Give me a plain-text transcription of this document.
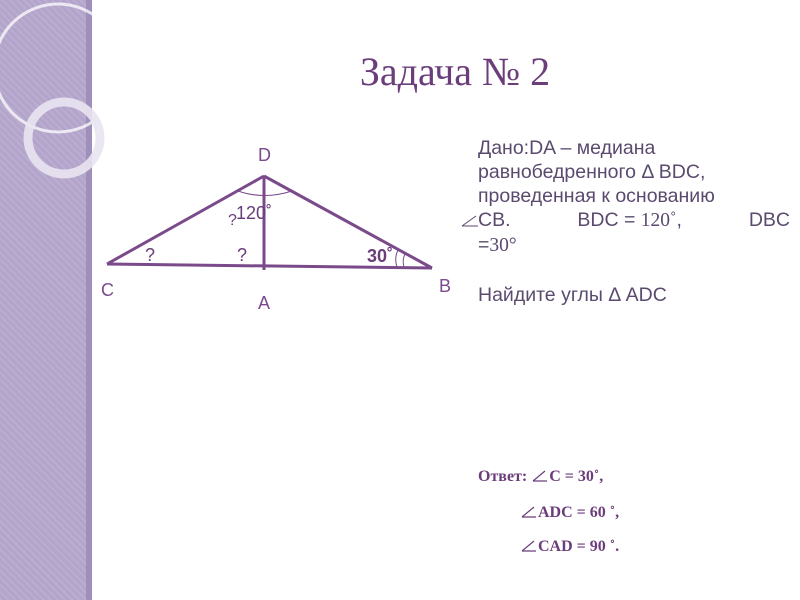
Задача № 2
D
C
A
B
120˚
?
?	?	30˚
Дано:DA – медиана
равнобедренного Δ BDC,
проведенная к основанию
CB.	BDC = 120˚,	DBC
=30°
Найдите углы Δ ADC
Ответ: C = 30˚,
ADC = 60 ˚,
CAD = 90 ˚.
